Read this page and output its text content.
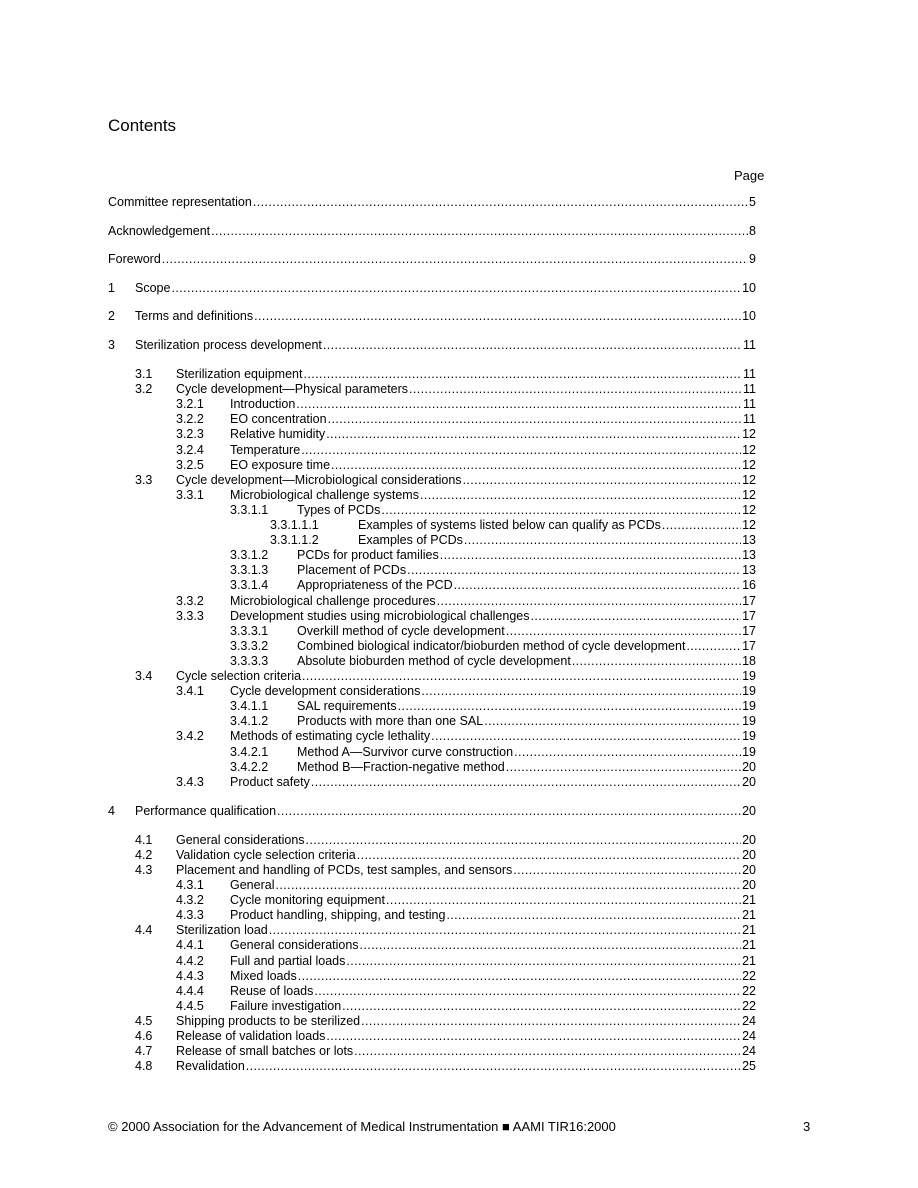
Contents
Page
Committee representation .....	5
Acknowledgement .....	8
Foreword .....	9
1 Scope .....	10
2 Terms and definitions .....	10
3 Sterilization process development .....	11
3.1 Sterilization equipment .....	11
3.2 Cycle development—Physical parameters .....	11
3.2.1 Introduction .....	11
3.2.2 EO concentration .....	11
3.2.3 Relative humidity .....	12
3.2.4 Temperature .....	12
3.2.5 EO exposure time .....	12
3.3 Cycle development—Microbiological considerations .....	12
3.3.1 Microbiological challenge systems .....	12
3.3.1.1 Types of PCDs .....	12
3.3.1.1.1	Examples of systems listed below can qualify as PCDs .....	12
3.3.1.1.2	Examples of PCDs .....	13
3.3.1.2 PCDs for product families .....	13
3.3.1.3 Placement of PCDs .....	13
3.3.1.4 Appropriateness of the PCD .....	16
3.3.2 Microbiological challenge procedures .....	17
3.3.3 Development studies using microbiological challenges .....	17
3.3.3.1 Overkill method of cycle development .....	17
3.3.3.2 Combined biological indicator/bioburden method of cycle development .....	17
3.3.3.3 Absolute bioburden method of cycle development .....	18
3.4 Cycle selection criteria .....	19
3.4.1 Cycle development considerations .....	19
3.4.1.1 SAL requirements .....	19
3.4.1.2 Products with more than one SAL .....	19
3.4.2 Methods of estimating cycle lethality .....	19
3.4.2.1 Method A—Survivor curve construction .....	19
3.4.2.2 Method B—Fraction-negative method .....	20
3.4.3 Product safety .....	20
4 Performance qualification .....	20
4.1 General considerations .....	20
4.2 Validation cycle selection criteria .....	20
4.3 Placement and handling of PCDs, test samples, and sensors .....	20
4.3.1 General .....	20
4.3.2 Cycle monitoring equipment .....	21
4.3.3 Product handling, shipping, and testing .....	21
4.4 Sterilization load .....	21
4.4.1 General considerations .....	21
4.4.2 Full and partial loads .....	21
4.4.3 Mixed loads .....	22
4.4.4 Reuse of loads .....	22
4.4.5 Failure investigation .....	22
4.5 Shipping products to be sterilized .....	24
4.6 Release of validation loads .....	24
4.7 Release of small batches or lots .....	24
4.8 Revalidation .....	25
© 2000 Association for the Advancement of Medical Instrumentation ■ AAMI TIR16:2000	3
